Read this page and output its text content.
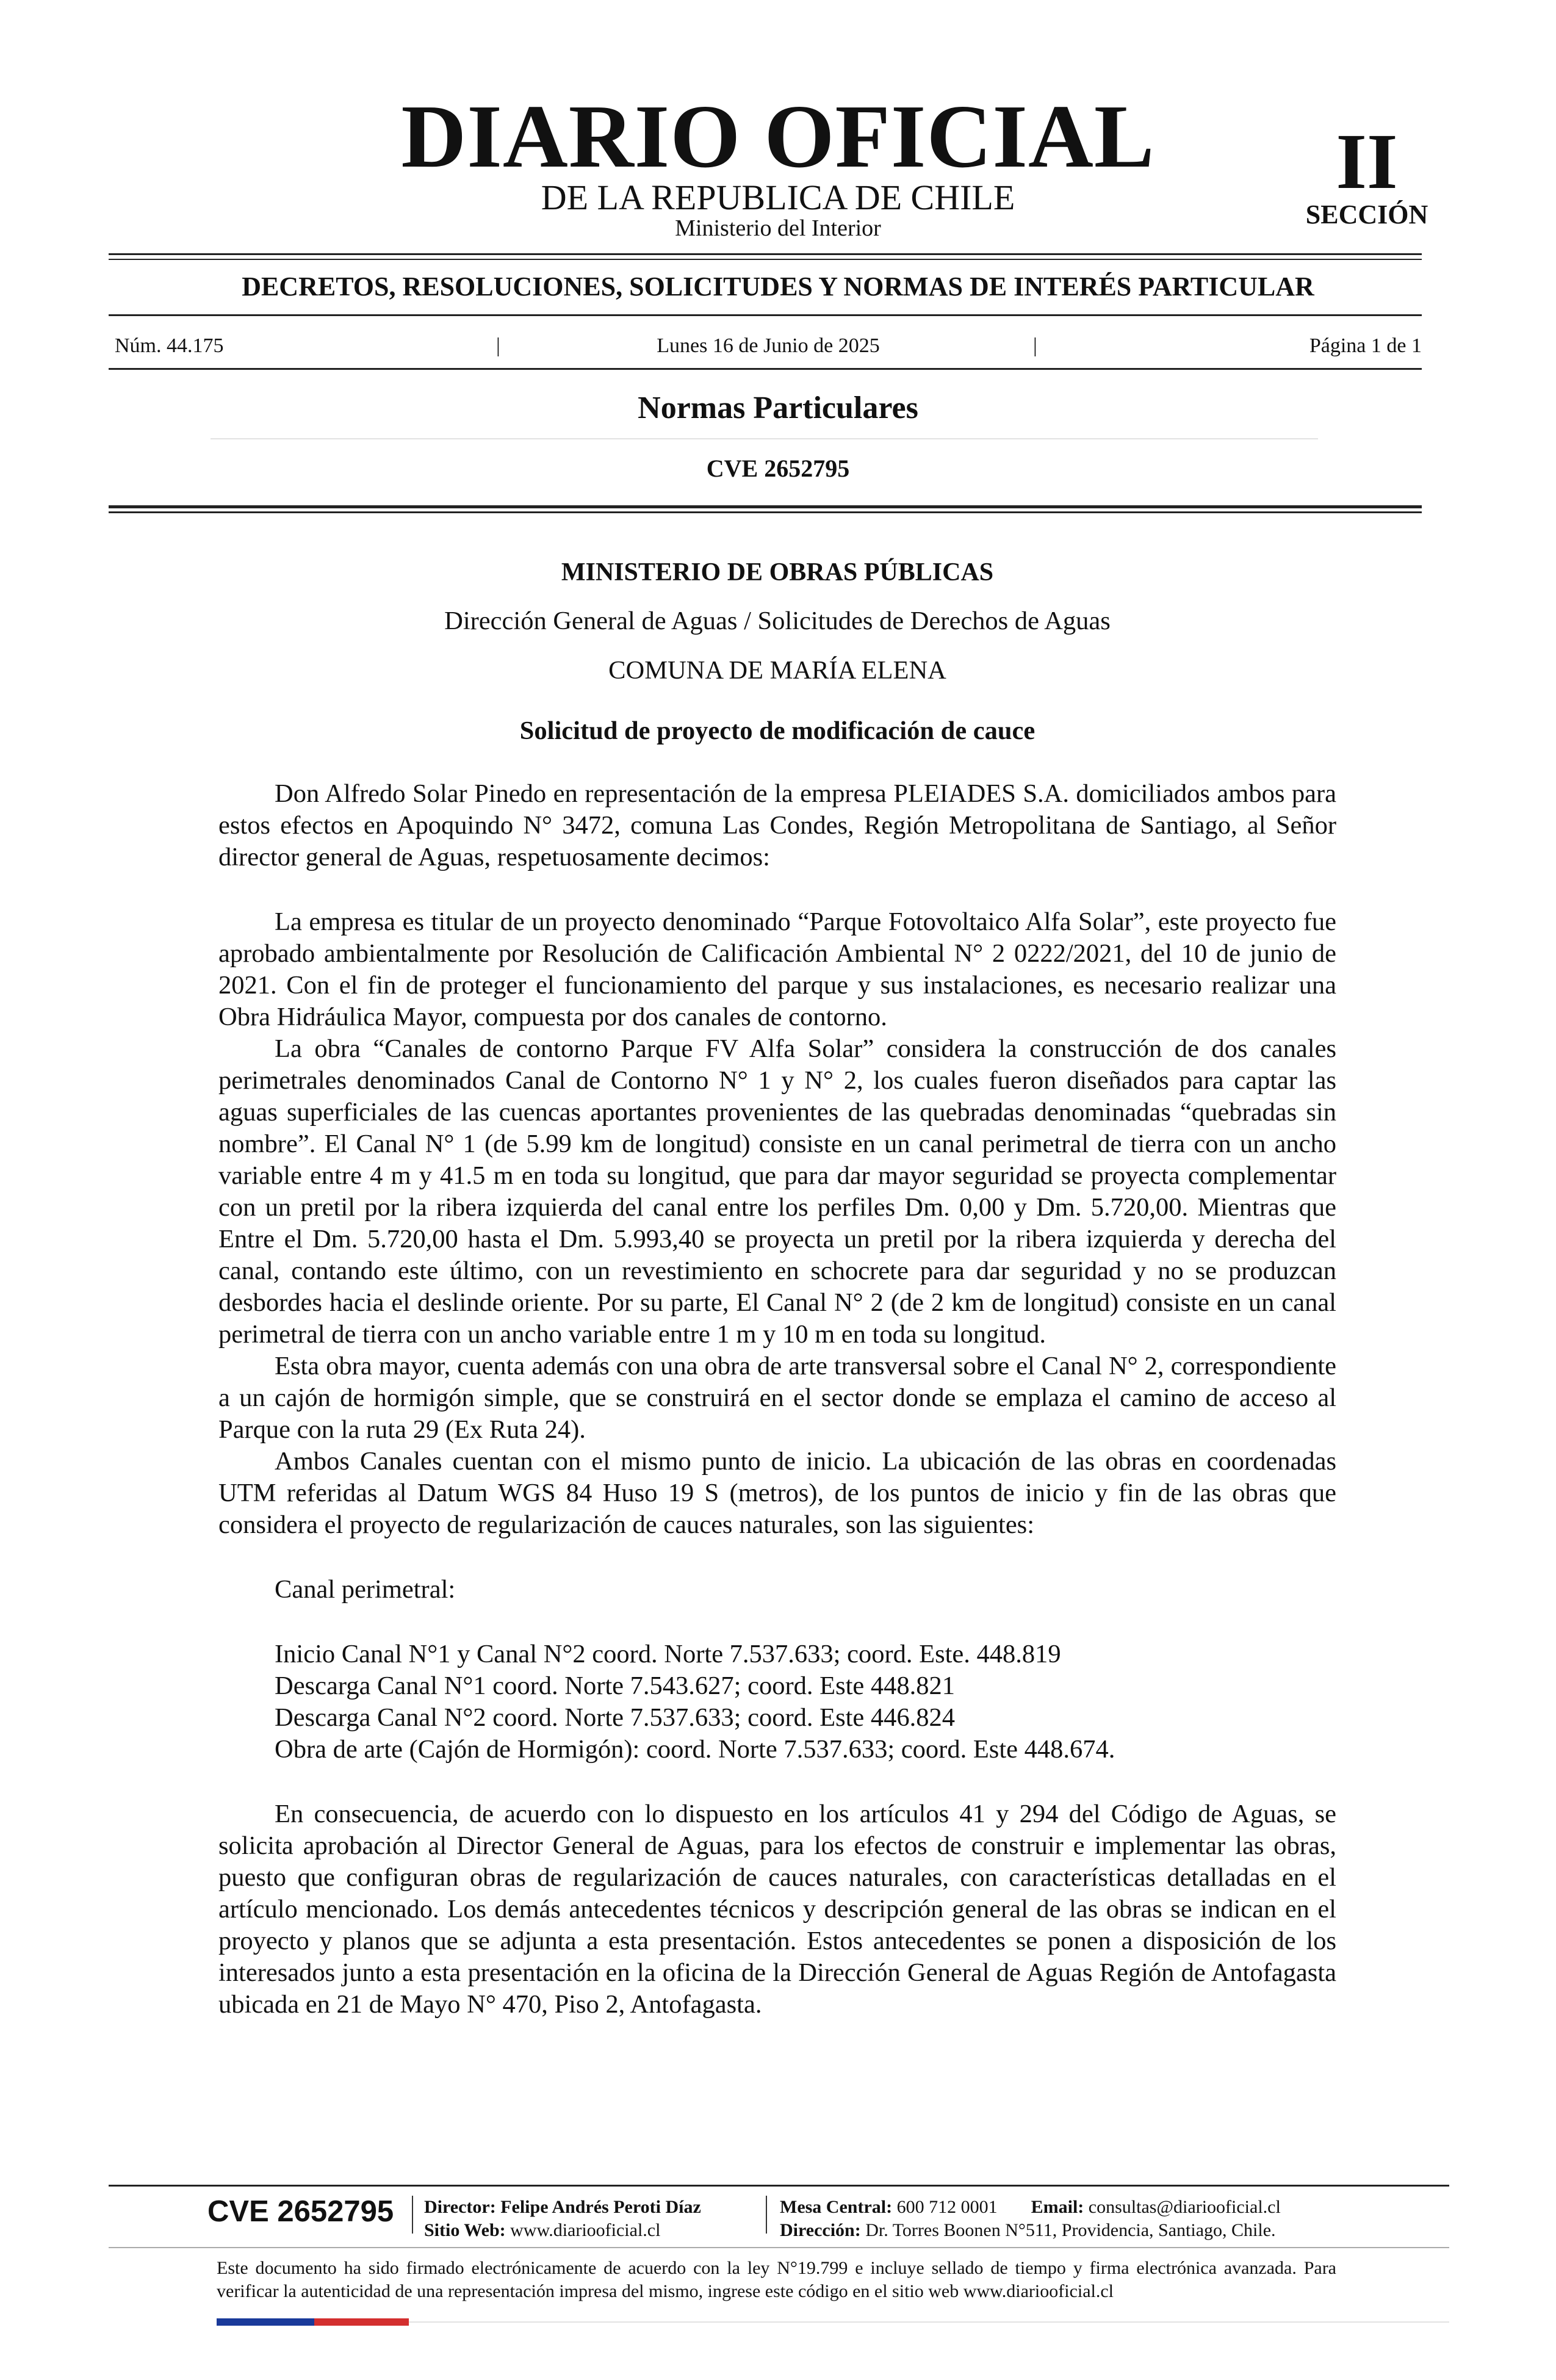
DIARIO OFICIAL
DE LA REPUBLICA DE CHILE
Ministerio del Interior
II
SECCIÓN
DECRETOS, RESOLUCIONES, SOLICITUDES Y NORMAS DE INTERÉS PARTICULAR
Núm. 44.175	|	Lunes 16 de Junio de 2025	|	Página 1 de 1
Normas Particulares
CVE 2652795
MINISTERIO DE OBRAS PÚBLICAS
Dirección General de Aguas / Solicitudes de Derechos de Aguas
COMUNA DE MARÍA ELENA
Solicitud de proyecto de modificación de cauce

Don Alfredo Solar Pinedo en representación de la empresa PLEIADES S.A. domiciliados ambos para estos efectos en Apoquindo N° 3472, comuna Las Condes, Región Metropolitana de Santiago, al Señor director general de Aguas, respetuosamente decimos:

La empresa es titular de un proyecto denominado “Parque Fotovoltaico Alfa Solar”, este proyecto fue aprobado ambientalmente por Resolución de Calificación Ambiental N° 2 0222/2021, del 10 de junio de 2021. Con el fin de proteger el funcionamiento del parque y sus instalaciones, es necesario realizar una Obra Hidráulica Mayor, compuesta por dos canales de contorno.

La obra “Canales de contorno Parque FV Alfa Solar” considera la construcción de dos canales perimetrales denominados Canal de Contorno N° 1 y N° 2, los cuales fueron diseñados para captar las aguas superficiales de las cuencas aportantes provenientes de las quebradas denominadas “quebradas sin nombre”. El Canal N° 1 (de 5.99 km de longitud) consiste en un canal perimetral de tierra con un ancho variable entre 4 m y 41.5 m en toda su longitud, que para dar mayor seguridad se proyecta complementar con un pretil por la ribera izquierda del canal entre los perfiles Dm. 0,00 y Dm. 5.720,00. Mientras que Entre el Dm. 5.720,00 hasta el Dm. 5.993,40 se proyecta un pretil por la ribera izquierda y derecha del canal, contando este último, con un revestimiento en schocrete para dar seguridad y no se produzcan desbordes hacia el deslinde oriente. Por su parte, El Canal N° 2 (de 2 km de longitud) consiste en un canal perimetral de tierra con un ancho variable entre 1 m y 10 m en toda su longitud.

Esta obra mayor, cuenta además con una obra de arte transversal sobre el Canal N° 2, correspondiente a un cajón de hormigón simple, que se construirá en el sector donde se emplaza el camino de acceso al Parque con la ruta 29 (Ex Ruta 24).

Ambos Canales cuentan con el mismo punto de inicio. La ubicación de las obras en coordenadas UTM referidas al Datum WGS 84 Huso 19 S (metros), de los puntos de inicio y fin de las obras que considera el proyecto de regularización de cauces naturales, son las siguientes:

Canal perimetral:

Inicio Canal N°1 y Canal N°2 coord. Norte 7.537.633; coord. Este. 448.819

Descarga Canal N°1 coord. Norte 7.543.627; coord. Este 448.821

Descarga Canal N°2 coord. Norte 7.537.633; coord. Este 446.824

Obra de arte (Cajón de Hormigón): coord. Norte 7.537.633; coord. Este 448.674.

En consecuencia, de acuerdo con lo dispuesto en los artículos 41 y 294 del Código de Aguas, se solicita aprobación al Director General de Aguas, para los efectos de construir e implementar las obras, puesto que configuran obras de regularización de cauces naturales, con características detalladas en el artículo mencionado. Los demás antecedentes técnicos y descripción general de las obras se indican en el proyecto y planos que se adjunta a esta presentación. Estos antecedentes se ponen a disposición de los interesados junto a esta presentación en la oficina de la Dirección General de Aguas Región de Antofagasta ubicada en 21 de Mayo N° 470, Piso 2, Antofagasta.

CVE 2652795 Director: Felipe Andrés Peroti Díaz
Sitio Web: www.diariooficial.cl
Mesa Central: 600 712 0001 Email: consultas@diariooficial.cl
Dirección: Dr. Torres Boonen N°511, Providencia, Santiago, Chile.
Este documento ha sido firmado electrónicamente de acuerdo con la ley N°19.799 e incluye sellado de tiempo y firma electrónica avanzada. Para verificar la autenticidad de una representación impresa del mismo, ingrese este código en el sitio web www.diariooficial.cl
